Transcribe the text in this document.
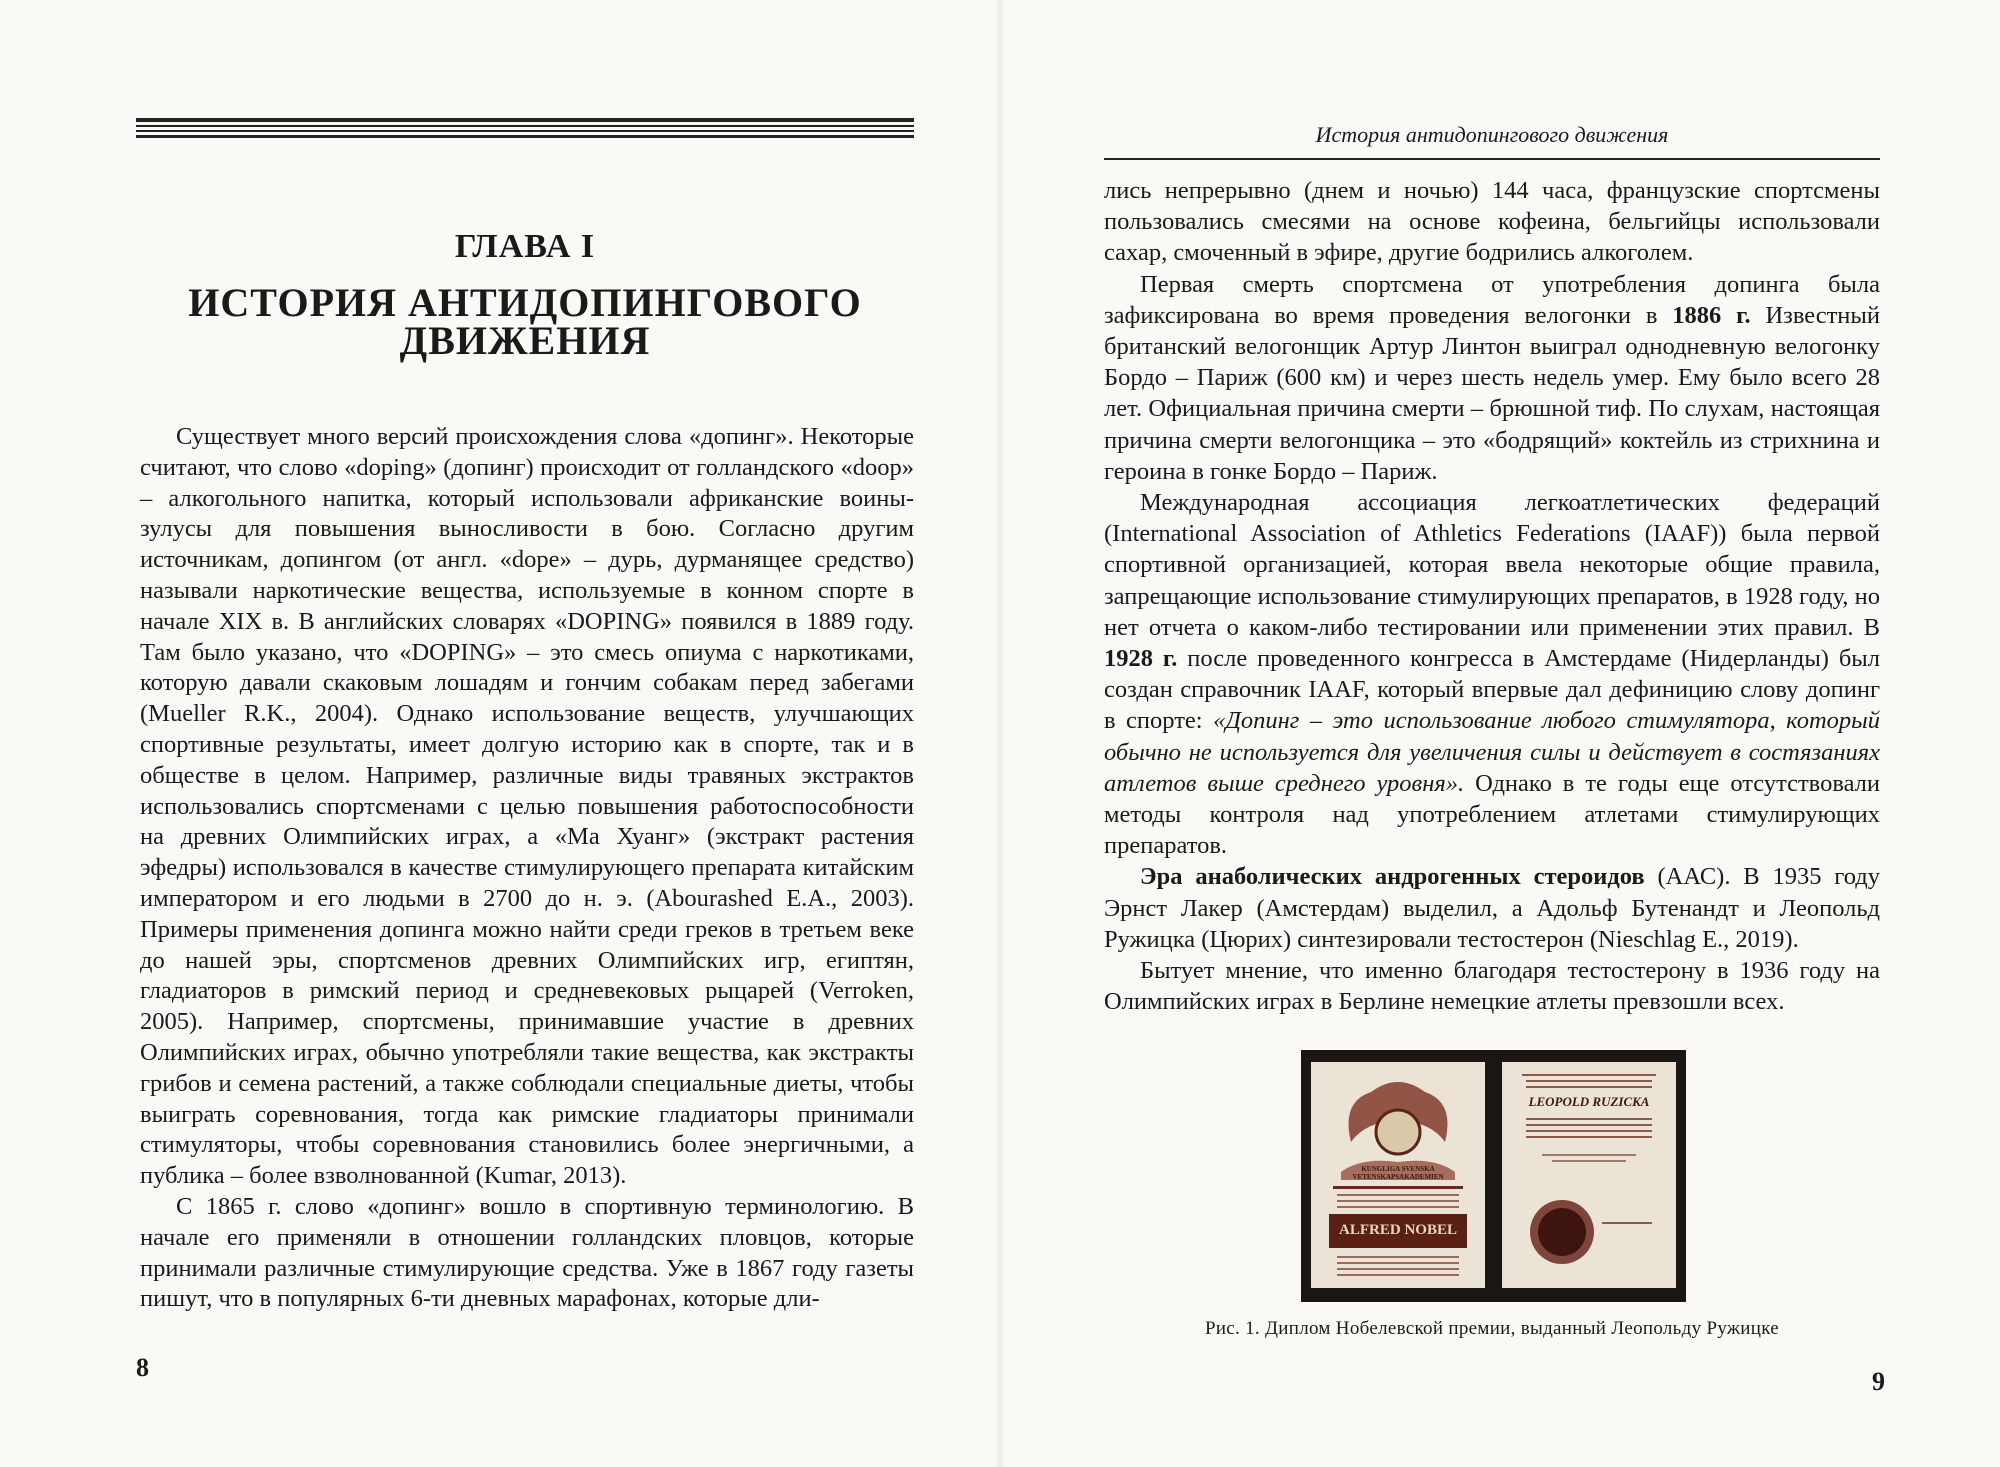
ГЛАВА I
ИСТОРИЯ АНТИДОПИНГОВОГО
ДВИЖЕНИЯ

Существует много версий происхождения слова «допинг». Некоторые считают, что слово «doping» (допинг) происходит от голландского «doop» – алкогольного напитка, который использовали африканские воины-зулусы для повышения выносливости в бою. Согласно другим источникам, допингом (от англ. «dope» – дурь, дурманящее средство) называли наркотические вещества, используемые в конном спорте в начале XIX в. В английских словарях «DOPING» появился в 1889 году. Там было указано, что «DOPING» – это смесь опиума с наркотиками, которую давали скаковым лошадям и гончим собакам перед забегами (Mueller R.K., 2004). Однако использование веществ, улучшающих спортивные результаты, имеет долгую историю как в спорте, так и в обществе в целом. Например, различные виды травяных экстрактов использовались спортсменами с целью повышения работоспособности на древних Олимпийских играх, а «Ма Хуанг» (экстракт растения эфедры) использовался в качестве стимулирующего препарата китайским императором и его людьми в 2700 до н. э. (Abourashed E.A., 2003). Примеры применения допинга можно найти среди греков в третьем веке до нашей эры, спортсменов древних Олимпийских игр, египтян, гладиаторов в римский период и средневековых рыцарей (Verroken, 2005). Например, спортсмены, принимавшие участие в древних Олимпийских играх, обычно употребляли такие вещества, как экстракты грибов и семена растений, а также соблюдали специальные диеты, чтобы выиграть соревнования, тогда как римские гладиаторы принимали стимуляторы, чтобы соревнования становились более энергичными, а публика – более взволнованной (Kumar, 2013).

С 1865 г. слово «допинг» вошло в спортивную терминологию. В начале его применяли в отношении голландских пловцов, которые принимали различные стимулирующие средства. Уже в 1867 году газеты пишут, что в популярных 6-ти дневных марафонах, которые дли-

8
История антидопингового движения

лись непрерывно (днем и ночью) 144 часа, французские спортсмены пользовались смесями на основе кофеина, бельгийцы использовали сахар, смоченный в эфире, другие бодрились алкоголем.

Первая смерть спортсмена от употребления допинга была зафиксирована во время проведения велогонки в 1886 г. Известный британский велогонщик Артур Линтон выиграл однодневную велогонку Бордо – Париж (600 км) и через шесть недель умер. Ему было всего 28 лет. Официальная причина смерти – брюшной тиф. По слухам, настоящая причина смерти велогонщика – это «бодрящий» коктейль из стрихнина и героина в гонке Бордо – Париж.

Международная ассоциация легкоатлетических федераций (International Association of Athletics Federations (IAAF)) была первой спортивной организацией, которая ввела некоторые общие правила, запрещающие использование стимулирующих препаратов, в 1928 году, но нет отчета о каком-либо тестировании или применении этих правил. В 1928 г. после проведенного конгресса в Амстердаме (Нидерланды) был создан справочник IAAF, который впервые дал дефиницию слову допинг в спорте: «Допинг – это использование любого стимулятора, который обычно не используется для увеличения силы и действует в состязаниях атлетов выше среднего уровня». Однако в те годы еще отсутствовали методы контроля над употреблением атлетами стимулирующих препаратов.

Эра анаболических андрогенных стероидов (ААС). В 1935 году Эрнст Лакер (Амстердам) выделил, а Адольф Бутенандт и Леопольд Ружицка (Цюрих) синтезировали тестостерон (Nieschlag E., 2019).

Бытует мнение, что именно благодаря тестостерону в 1936 году на Олимпийских играх в Берлине немецкие атлеты превзошли всех.

KUNGLIGA SVENSKA VETENSKAPSAKADEMIEN
ALFRED NOBEL
LEOPOLD RUZICKA
Рис. 1. Диплом Нобелевской премии, выданный Леопольду Ружицке
9
